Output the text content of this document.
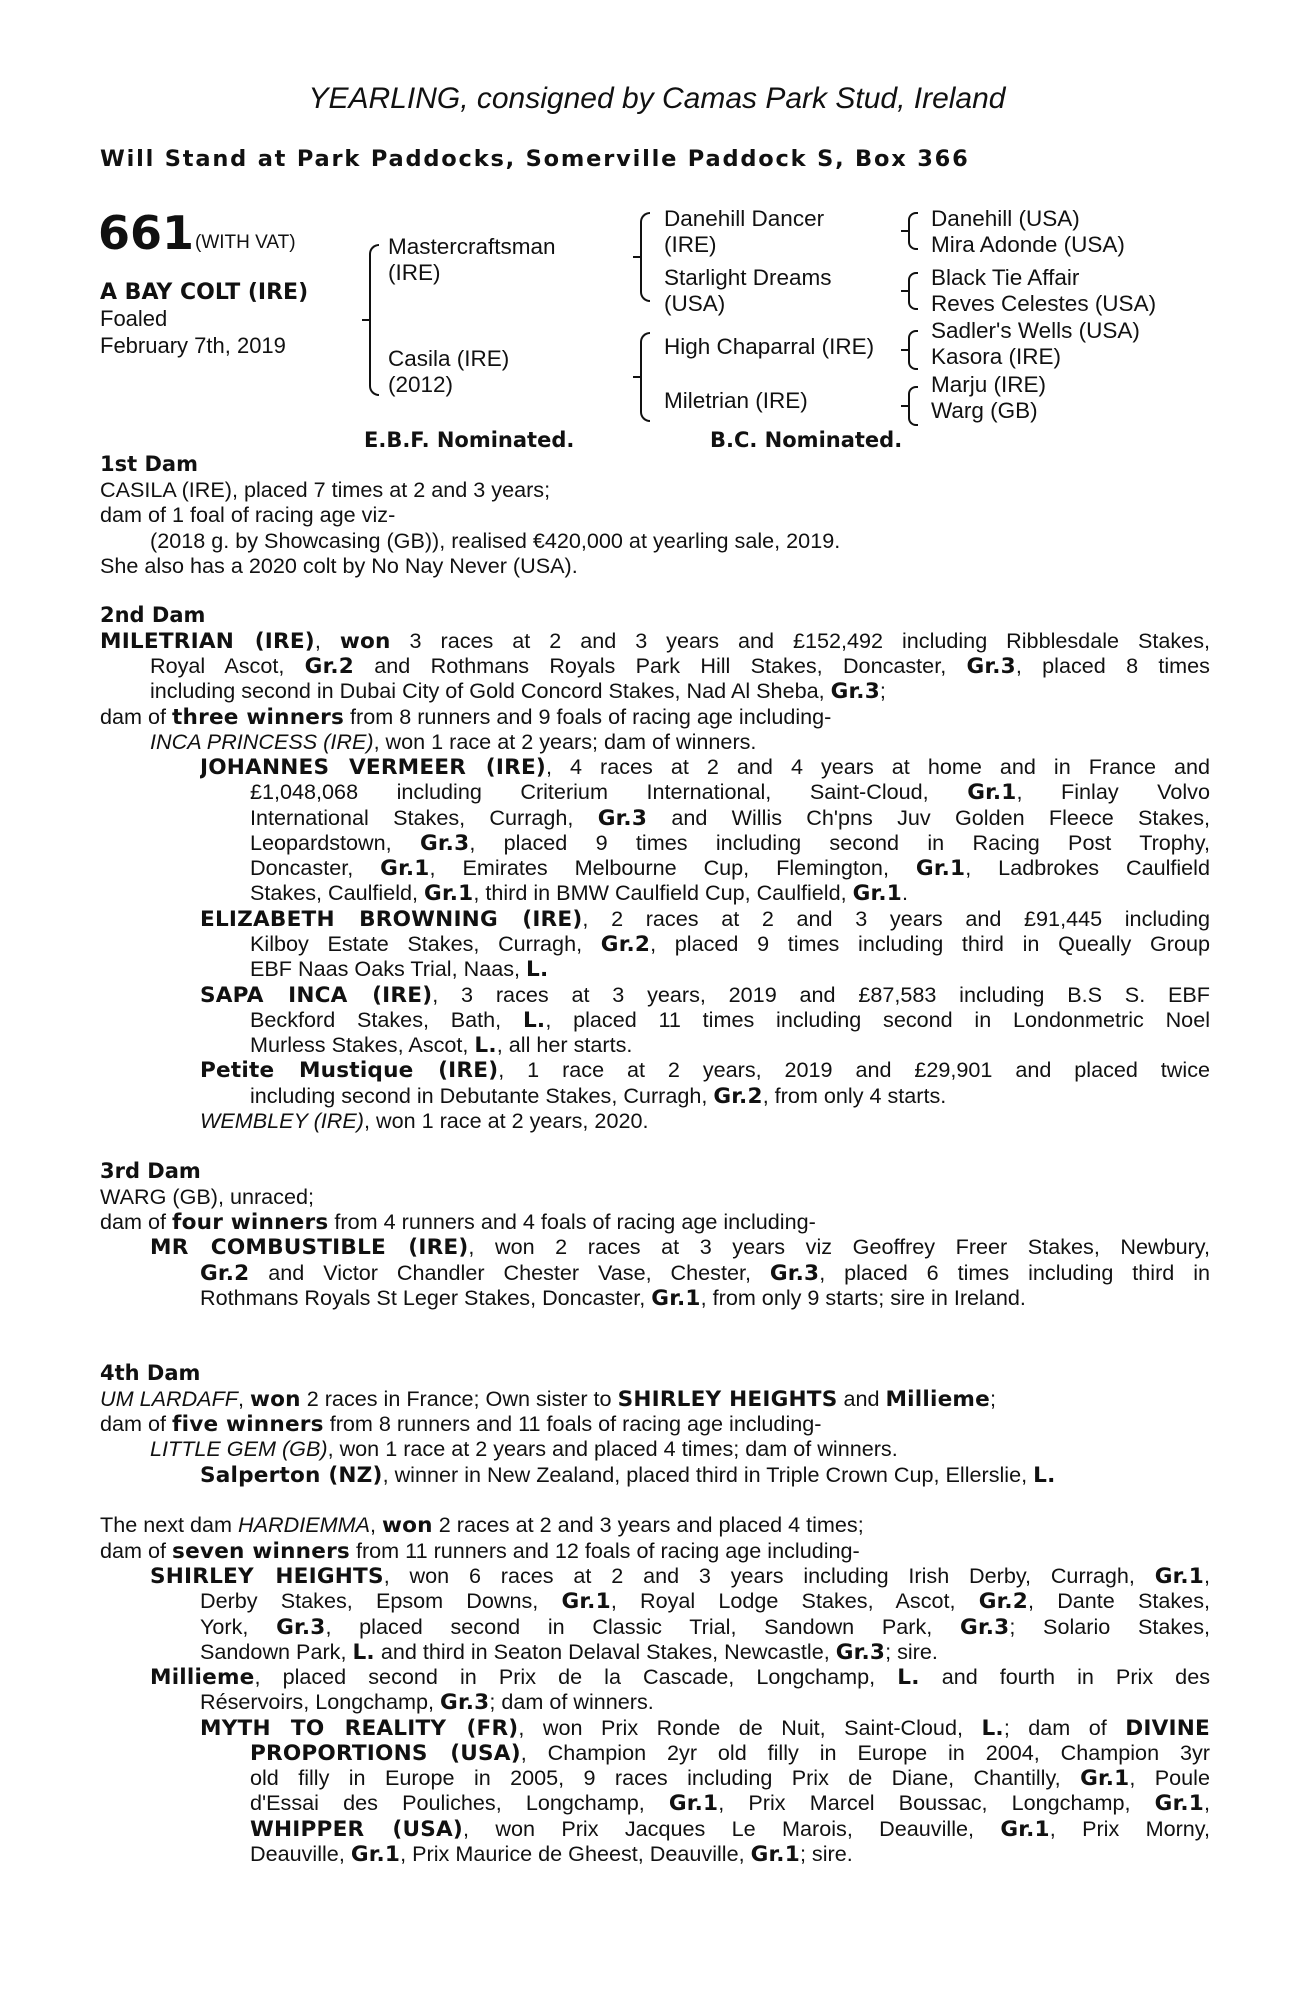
YEARLING, consigned by Camas Park Stud, Ireland
Will Stand at Park Paddocks, Somerville Paddock S, Box 366
661 (WITH VAT)
A BAY COLT (IRE)
Foaled
February 7th, 2019
Mastercraftsman
(IRE)
Casila (IRE)
(2012)
Danehill Dancer
(IRE)
Starlight Dreams
(USA)
High Chaparral (IRE)
Miletrian (IRE)
Danehill (USA)
Mira Adonde (USA)
Black Tie Affair
Reves Celestes (USA)
Sadler's Wells (USA)
Kasora (IRE)
Marju (IRE)
Warg (GB)
E.B.F. Nominated.	B.C. Nominated.
1st Dam
CASILA (IRE), placed 7 times at 2 and 3 years;
dam of 1 foal of racing age viz-
(2018 g. by Showcasing (GB)), realised €420,000 at yearling sale, 2019.
She also has a 2020 colt by No Nay Never (USA).
2nd Dam
MILETRIAN (IRE), won 3 races at 2 and 3 years and £152,492 including Ribblesdale Stakes,
Royal Ascot, Gr.2 and Rothmans Royals Park Hill Stakes, Doncaster, Gr.3, placed 8 times
including second in Dubai City of Gold Concord Stakes, Nad Al Sheba, Gr.3;
dam of three winners from 8 runners and 9 foals of racing age including-
INCA PRINCESS (IRE), won 1 race at 2 years; dam of winners.
JOHANNES VERMEER (IRE), 4 races at 2 and 4 years at home and in France and
£1,048,068 including Criterium International, Saint-Cloud, Gr.1, Finlay Volvo
International Stakes, Curragh, Gr.3 and Willis Ch'pns Juv Golden Fleece Stakes,
Leopardstown, Gr.3, placed 9 times including second in Racing Post Trophy,
Doncaster, Gr.1, Emirates Melbourne Cup, Flemington, Gr.1, Ladbrokes Caulfield
Stakes, Caulfield, Gr.1, third in BMW Caulfield Cup, Caulfield, Gr.1.
ELIZABETH BROWNING (IRE), 2 races at 2 and 3 years and £91,445 including
Kilboy Estate Stakes, Curragh, Gr.2, placed 9 times including third in Queally Group
EBF Naas Oaks Trial, Naas, L.
SAPA INCA (IRE), 3 races at 3 years, 2019 and £87,583 including B.S S. EBF
Beckford Stakes, Bath, L., placed 11 times including second in Londonmetric Noel
Murless Stakes, Ascot, L., all her starts.
Petite Mustique (IRE), 1 race at 2 years, 2019 and £29,901 and placed twice
including second in Debutante Stakes, Curragh, Gr.2, from only 4 starts.
WEMBLEY (IRE), won 1 race at 2 years, 2020.
3rd Dam
WARG (GB), unraced;
dam of four winners from 4 runners and 4 foals of racing age including-
MR COMBUSTIBLE (IRE), won 2 races at 3 years viz Geoffrey Freer Stakes, Newbury,
Gr.2 and Victor Chandler Chester Vase, Chester, Gr.3, placed 6 times including third in
Rothmans Royals St Leger Stakes, Doncaster, Gr.1, from only 9 starts; sire in Ireland.
4th Dam
UM LARDAFF, won 2 races in France; Own sister to SHIRLEY HEIGHTS and Millieme;
dam of five winners from 8 runners and 11 foals of racing age including-
LITTLE GEM (GB), won 1 race at 2 years and placed 4 times; dam of winners.
Salperton (NZ), winner in New Zealand, placed third in Triple Crown Cup, Ellerslie, L.
The next dam HARDIEMMA, won 2 races at 2 and 3 years and placed 4 times;
dam of seven winners from 11 runners and 12 foals of racing age including-
SHIRLEY HEIGHTS, won 6 races at 2 and 3 years including Irish Derby, Curragh, Gr.1,
Derby Stakes, Epsom Downs, Gr.1, Royal Lodge Stakes, Ascot, Gr.2, Dante Stakes,
York, Gr.3, placed second in Classic Trial, Sandown Park, Gr.3; Solario Stakes,
Sandown Park, L. and third in Seaton Delaval Stakes, Newcastle, Gr.3; sire.
Millieme, placed second in Prix de la Cascade, Longchamp, L. and fourth in Prix des
Réservoirs, Longchamp, Gr.3; dam of winners.
MYTH TO REALITY (FR), won Prix Ronde de Nuit, Saint-Cloud, L.; dam of DIVINE
PROPORTIONS (USA), Champion 2yr old filly in Europe in 2004, Champion 3yr
old filly in Europe in 2005, 9 races including Prix de Diane, Chantilly, Gr.1, Poule
d'Essai des Pouliches, Longchamp, Gr.1, Prix Marcel Boussac, Longchamp, Gr.1,
WHIPPER (USA), won Prix Jacques Le Marois, Deauville, Gr.1, Prix Morny,
Deauville, Gr.1, Prix Maurice de Gheest, Deauville, Gr.1; sire.
